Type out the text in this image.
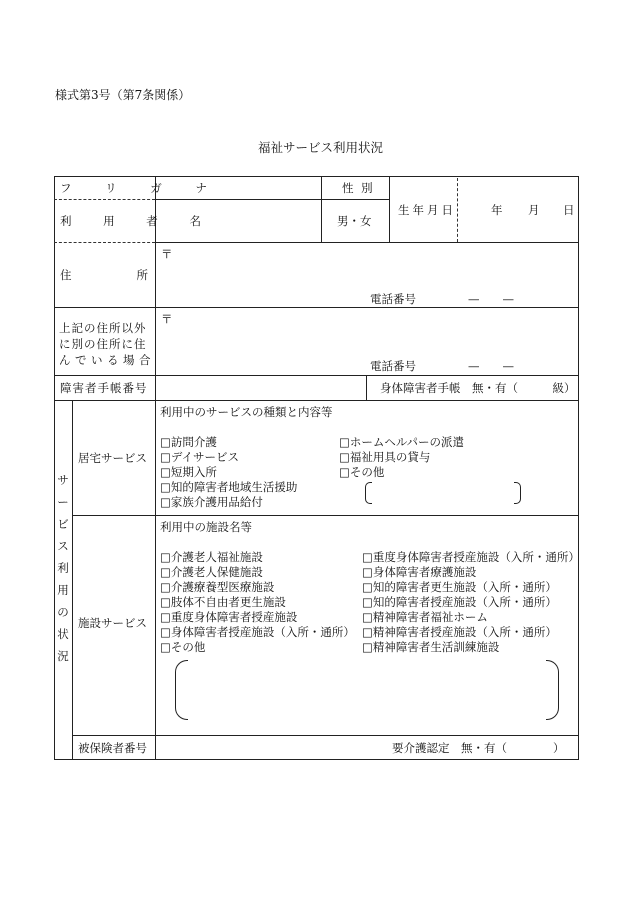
様式第3号（第7条関係）
福祉サービス利用状況
フ リ ガ ナ	性 別
利 用 者 名	男・女
生年月日	年 月 日
住	所
〒
電話番号	—　　—
上記の住所以外
に別の住所に住
んでいる場合
〒
電話番号	—　　—
障害者手帳番号	身体障害者手帳　無・有（　　　級）
サ
ー
ビ
ス
利
用
の
状
況
居宅サービス
利用中のサービスの種類と内容等
□訪問介護
□デイサービス
□短期入所
□知的障害者地域生活援助
□家族介護用品給付
□ホームヘルパーの派遣
□福祉用具の貸与
□その他
施設サービス
利用中の施設名等
□介護老人福祉施設
□介護老人保健施設
□介護療養型医療施設
□肢体不自由者更生施設
□重度身体障害者授産施設
□身体障害者授産施設（入所・通所）
□その他
□重度身体障害者授産施設（入所・通所）
□身体障害者療護施設
□知的障害者更生施設（入所・通所）
□知的障害者授産施設（入所・通所）
□精神障害者福祉ホーム
□精神障害者授産施設（入所・通所）
□精神障害者生活訓練施設
被保険者番号	要介護認定　無・有（　　　　）
